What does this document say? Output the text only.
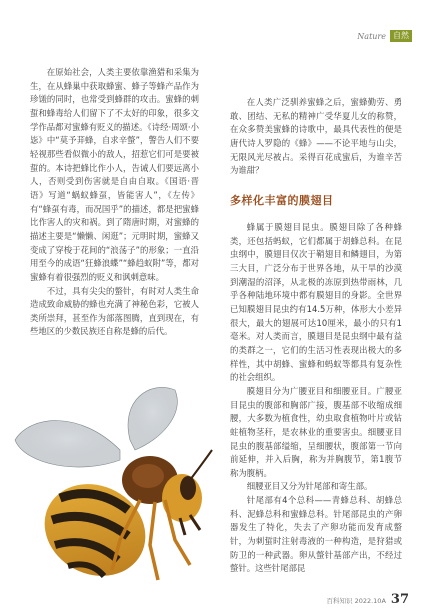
Nature 自然

在原始社会，人类主要依靠渔猎和采集为生，在从蜂巢中获取蜂蜜、蜂子等蜂产品作为珍馐的同时，也常受到蜂群的攻击。蜜蜂的刺蜇和蜂毒给人们留下了不太好的印象，很多文学作品都对蜜蜂有贬义的描述。《诗经·周颂·小毖》中“莫予荓蜂，自求辛螫”，警告人们不要轻视那些看似微小的敌人，招惹它们可是要被蜇的。本诗把蜂比作小人，告诫人们要远离小人，否则受到伤害就是自由自取。《国语·晋语》写道“蜗蚁蜂虿，皆能害人”，《左传》有“蜂虿有毒，而况国乎”的描述，都是把蜜蜂比作害人的灾和祸。到了隋唐时期，对蜜蜂的描述主要是“懒懒、闲逛”；元明时期，蜜蜂又变成了穿梭于花间的“浪荡子”的形象；一直沿用至今的成语“狂蜂浪蝶”“蜂趋蚁附”等，都对蜜蜂有着很强烈的贬义和讽刺意味。

不过，具有尖尖的螫针，有时对人类生命造成致命威胁的蜂也充满了神秘色彩，它被人类所崇拜，甚至作为部落图腾，直到现在，有些地区的少数民族还自称是蜂的后代。

在人类广泛驯养蜜蜂之后，蜜蜂勤劳、勇敢、团结、无私的精神广受华夏儿女的称赞，在众多赞美蜜蜂的诗歌中，最具代表性的便是唐代诗人罗隐的《蜂》——不论平地与山尖，无限风光尽被占。采得百花成蜜后，为谁辛苦为谁甜？

多样化丰富的膜翅目

蜂属于膜翅目昆虫。膜翅目除了各种蜂类，还包括蚂蚁，它们都属于胡蜂总科。在昆虫纲中，膜翅目仅次于鞘翅目和鳞翅目，为第三大目，广泛分布于世界各地，从干旱的沙漠到潮湿的沼泽，从北极的冻原到热带雨林，几乎各种陆地环境中都有膜翅目的身影。全世界已知膜翅目昆虫约有14.5万种，体形大小差异很大，最大的翅展可达10厘米，最小的只有1毫米。对人类而言，膜翅目是昆虫纲中最有益的类群之一，它们的生活习性表现出极大的多样性，其中胡蜂、蜜蜂和蚂蚁等都具有复杂性的社会组织。

膜翅目分为广腰亚目和细腰亚目。广腰亚目昆虫的腹部和胸部广接，腹基部不收缩成细腰，大多数为植食性，幼虫取食植物叶片或钻蛀植物茎秆，是农林业的重要害虫。细腰亚目昆虫的腹基部缢缩，呈细腰状，腹部第一节向前延伸，并入后胸，称为并胸腹节，第1腹节称为腹柄。

细腰亚目又分为针尾部和寄生部。

针尾部有4个总科——青蜂总科、胡蜂总科、泥蜂总科和蜜蜂总科。针尾部昆虫的产卵器发生了特化，失去了产卵功能而发育成螫针，为刺蜇时注射毒液的一种构造，是狩猎或防卫的一种武器。卵从螫针基部产出，不经过螫针。这些针尾部昆

百科知识 2022.10A 37
